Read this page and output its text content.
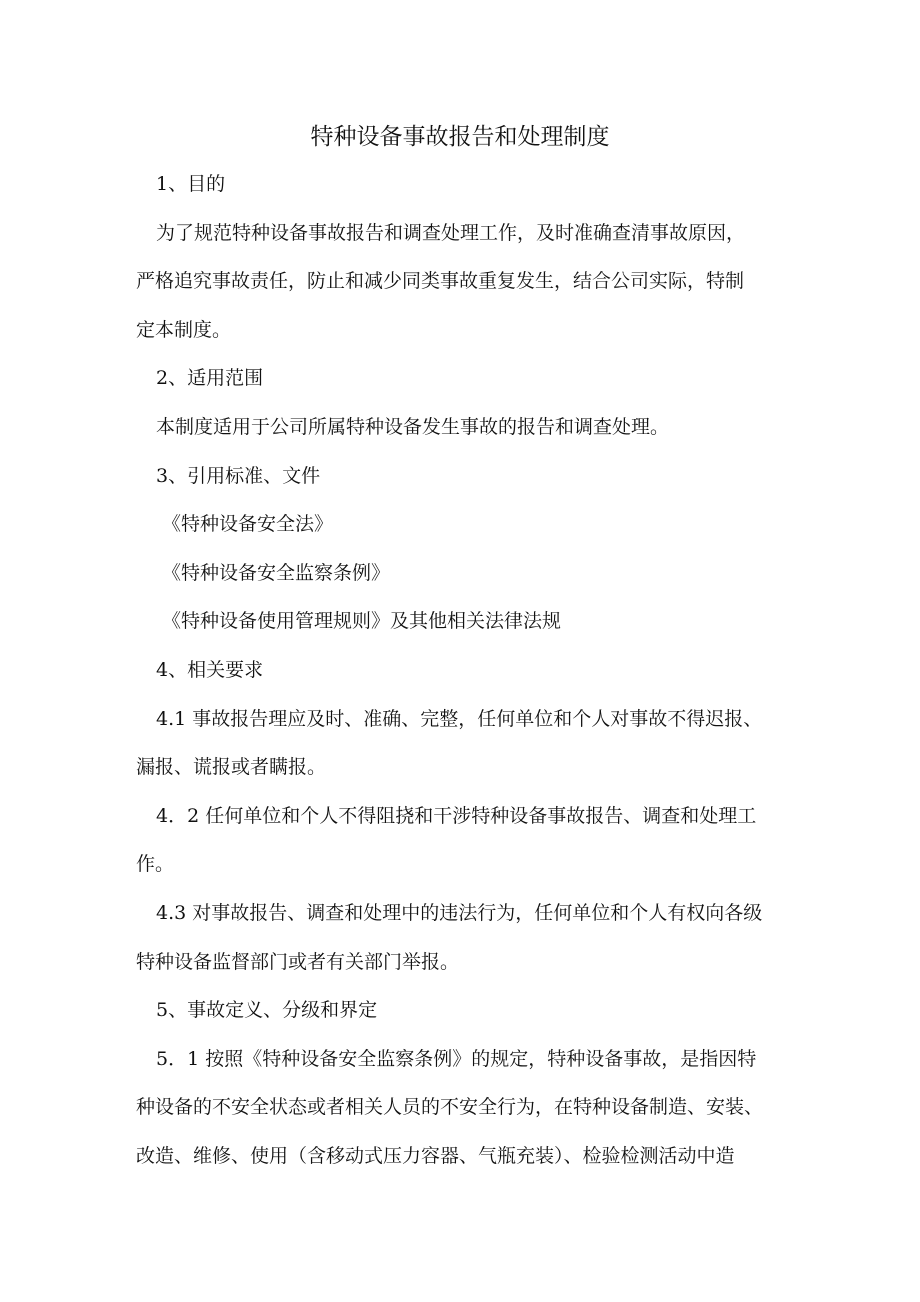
特种设备事故报告和处理制度
1、目的
为了规范特种设备事故报告和调查处理工作，及时准确查清事故原因，
严格追究事故责任，防止和减少同类事故重复发生，结合公司实际，特制
定本制度。
2、适用范围
本制度适用于公司所属特种设备发生事故的报告和调查处理。
3、引用标准、文件
《特种设备安全法》
《特种设备安全监察条例》
《特种设备使用管理规则》及其他相关法律法规
4、相关要求
4.1 事故报告理应及时、准确、完整，任何单位和个人对事故不得迟报、
漏报、谎报或者瞒报。
4．2 任何单位和个人不得阻挠和干涉特种设备事故报告、调查和处理工
作。
4.3 对事故报告、调查和处理中的违法行为，任何单位和个人有权向各级
特种设备监督部门或者有关部门举报。
5、事故定义、分级和界定
5．1 按照《特种设备安全监察条例》的规定，特种设备事故，是指因特
种设备的不安全状态或者相关人员的不安全行为，在特种设备制造、安装、
改造、维修、使用（含移动式压力容器、气瓶充装）、检验检测活动中造
